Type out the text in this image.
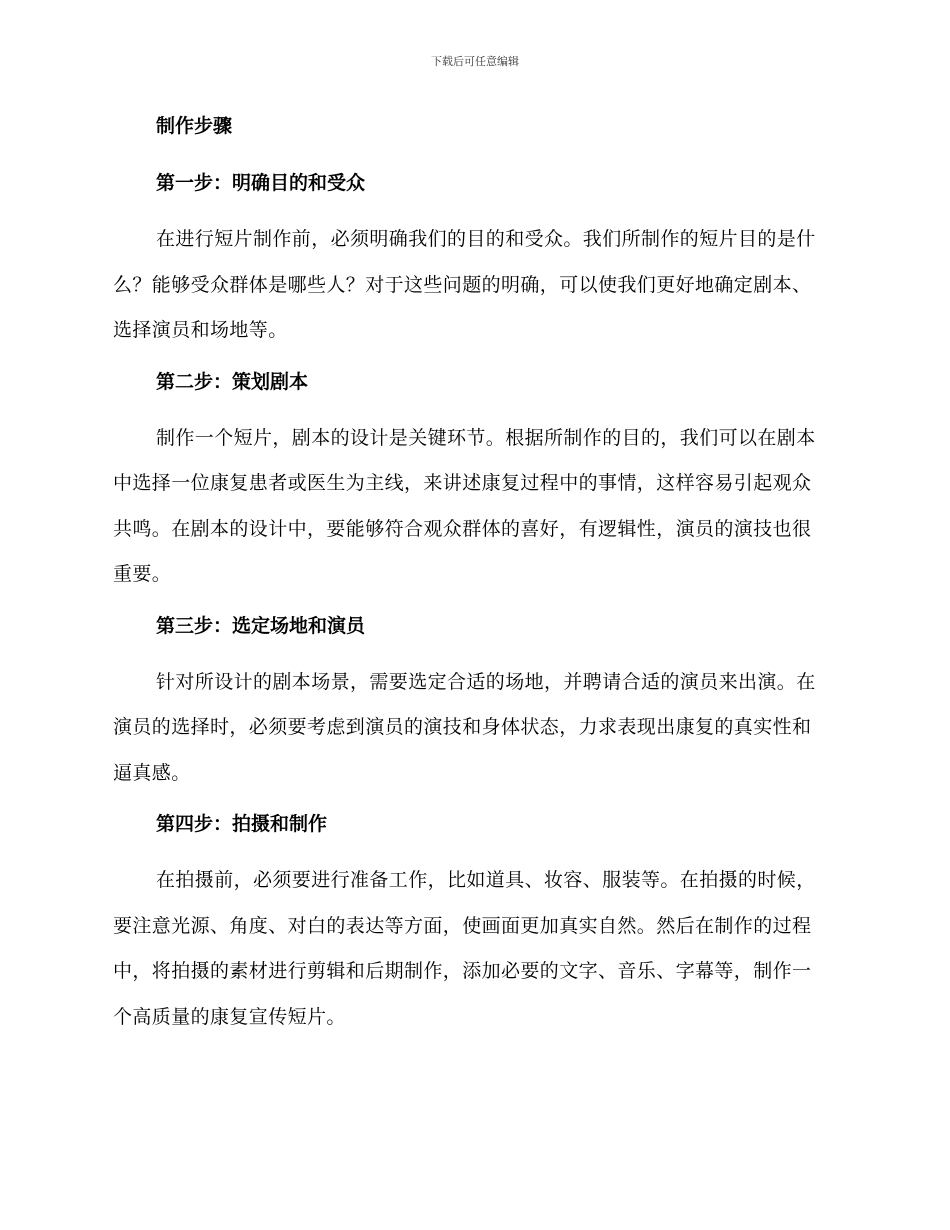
下载后可任意编辑
制作步骤
第一步：明确目的和受众

在进行短片制作前，必须明确我们的目的和受众。我们所制作的短片目的是什么？能够受众群体是哪些人？对于这些问题的明确，可以使我们更好地确定剧本、选择演员和场地等。

第二步：策划剧本

制作一个短片，剧本的设计是关键环节。根据所制作的目的，我们可以在剧本中选择一位康复患者或医生为主线，来讲述康复过程中的事情，这样容易引起观众共鸣。在剧本的设计中，要能够符合观众群体的喜好，有逻辑性，演员的演技也很重要。

第三步：选定场地和演员

针对所设计的剧本场景，需要选定合适的场地，并聘请合适的演员来出演。在演员的选择时，必须要考虑到演员的演技和身体状态，力求表现出康复的真实性和逼真感。

第四步：拍摄和制作

在拍摄前，必须要进行准备工作，比如道具、妆容、服装等。在拍摄的时候，要注意光源、角度、对白的表达等方面，使画面更加真实自然。然后在制作的过程中，将拍摄的素材进行剪辑和后期制作，添加必要的文字、音乐、字幕等，制作一个高质量的康复宣传短片。
